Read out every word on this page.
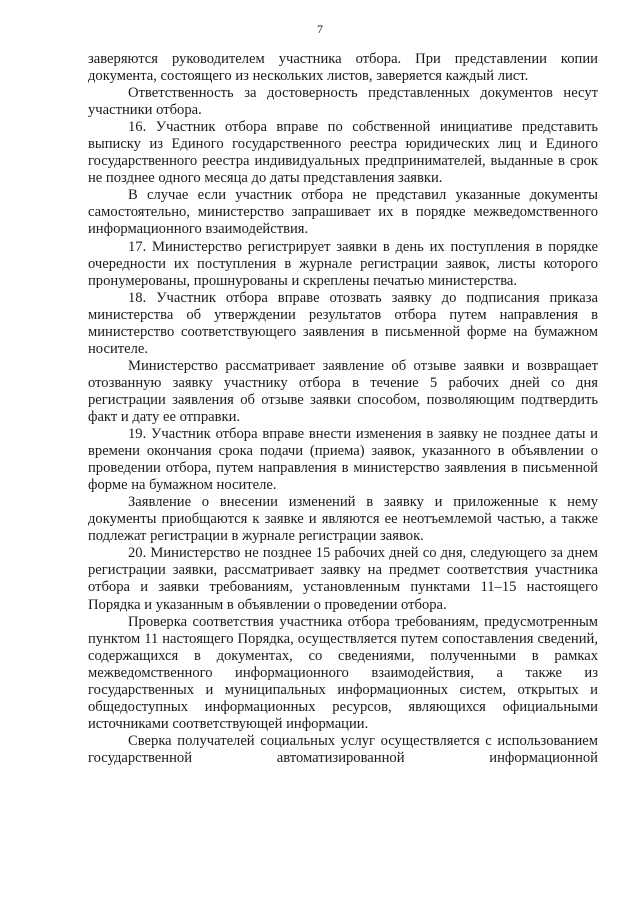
7

заверяются руководителем участника отбора. При представлении копии документа, состоящего из нескольких листов, заверяется каждый лист.

Ответственность за достоверность представленных документов несут участники отбора.

16. Участник отбора вправе по собственной инициативе представить выписку из Единого государственного реестра юридических лиц и Единого государственного реестра индивидуальных предпринимателей, выданные в срок не позднее одного месяца до даты представления заявки.

В случае если участник отбора не представил указанные документы самостоятельно, министерство запрашивает их в порядке межведомственного информационного взаимодействия.

17. Министерство регистрирует заявки в день их поступления в порядке очередности их поступления в журнале регистрации заявок, листы которого пронумерованы, прошнурованы и скреплены печатью министерства.

18. Участник отбора вправе отозвать заявку до подписания приказа министерства об утверждении результатов отбора путем направления в министерство соответствующего заявления в письменной форме на бумажном носителе.

Министерство рассматривает заявление об отзыве заявки и возвращает отозванную заявку участнику отбора в течение 5 рабочих дней со дня регистрации заявления об отзыве заявки способом, позволяющим подтвердить факт и дату ее отправки.

19. Участник отбора вправе внести изменения в заявку не позднее даты и времени окончания срока подачи (приема) заявок, указанного в объявлении о проведении отбора, путем направления в министерство заявления в письменной форме на бумажном носителе.

Заявление о внесении изменений в заявку и приложенные к нему документы приобщаются к заявке и являются ее неотъемлемой частью, а также подлежат регистрации в журнале регистрации заявок.

20. Министерство не позднее 15 рабочих дней со дня, следующего за днем регистрации заявки, рассматривает заявку на предмет соответствия участника отбора и заявки требованиям, установленным пунктами 11–15 настоящего Порядка и указанным в объявлении о проведении отбора.

Проверка соответствия участника отбора требованиям, предусмотренным пунктом 11 настоящего Порядка, осуществляется путем сопоставления сведений, содержащихся в документах, со сведениями, полученными в рамках межведомственного информационного взаимодействия, а также из государственных и муниципальных информационных систем, открытых и общедоступных информационных ресурсов, являющихся официальными источниками соответствующей информации.

Сверка получателей социальных услуг осуществляется с использованием государственной автоматизированной информационной
